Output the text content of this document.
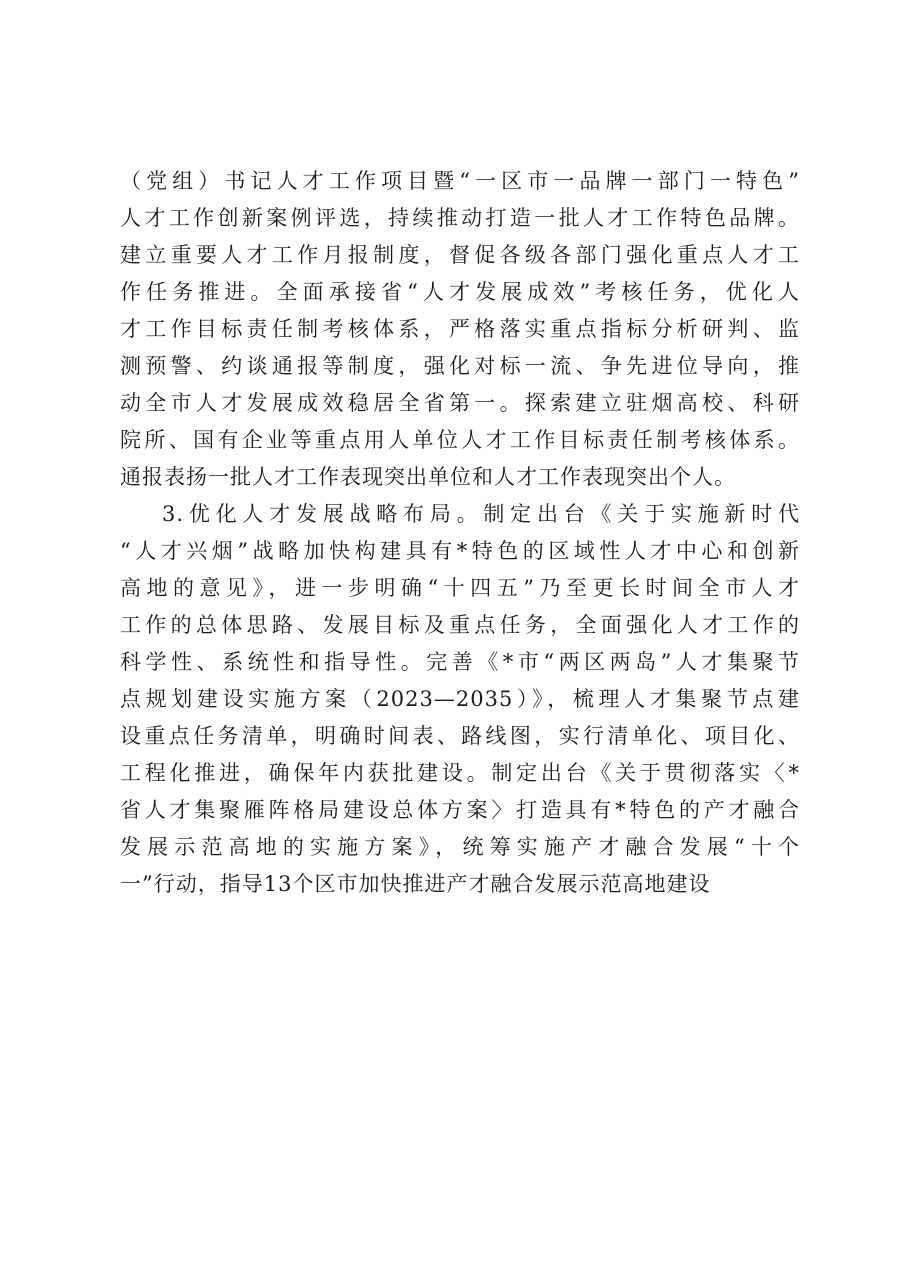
（党组）书记人才工作项目暨“一区市一品牌一部门一特色”
人才工作创新案例评选，持续推动打造一批人才工作特色品牌。
建立重要人才工作月报制度，督促各级各部门强化重点人才工
作任务推进。全面承接省“人才发展成效”考核任务，优化人
才工作目标责任制考核体系，严格落实重点指标分析研判、监
测预警、约谈通报等制度，强化对标一流、争先进位导向，推
动全市人才发展成效稳居全省第一。探索建立驻烟高校、科研
院所、国有企业等重点用人单位人才工作目标责任制考核体系。
通报表扬一批人才工作表现突出单位和人才工作表现突出个人。
3.优化人才发展战略布局。制定出台《关于实施新时代
“人才兴烟”战略加快构建具有*特色的区域性人才中心和创新
高地的意见》，进一步明确“十四五”乃至更长时间全市人才
工作的总体思路、发展目标及重点任务，全面强化人才工作的
科学性、系统性和指导性。完善《*市“两区两岛”人才集聚节
点规划建设实施方案（2023—2035）》，梳理人才集聚节点建
设重点任务清单，明确时间表、路线图，实行清单化、项目化、
工程化推进，确保年内获批建设。制定出台《关于贯彻落实〈*
省人才集聚雁阵格局建设总体方案〉打造具有*特色的产才融合
发展示范高地的实施方案》，统筹实施产才融合发展“十个
一”行动，指导13个区市加快推进产才融合发展示范高地建设
